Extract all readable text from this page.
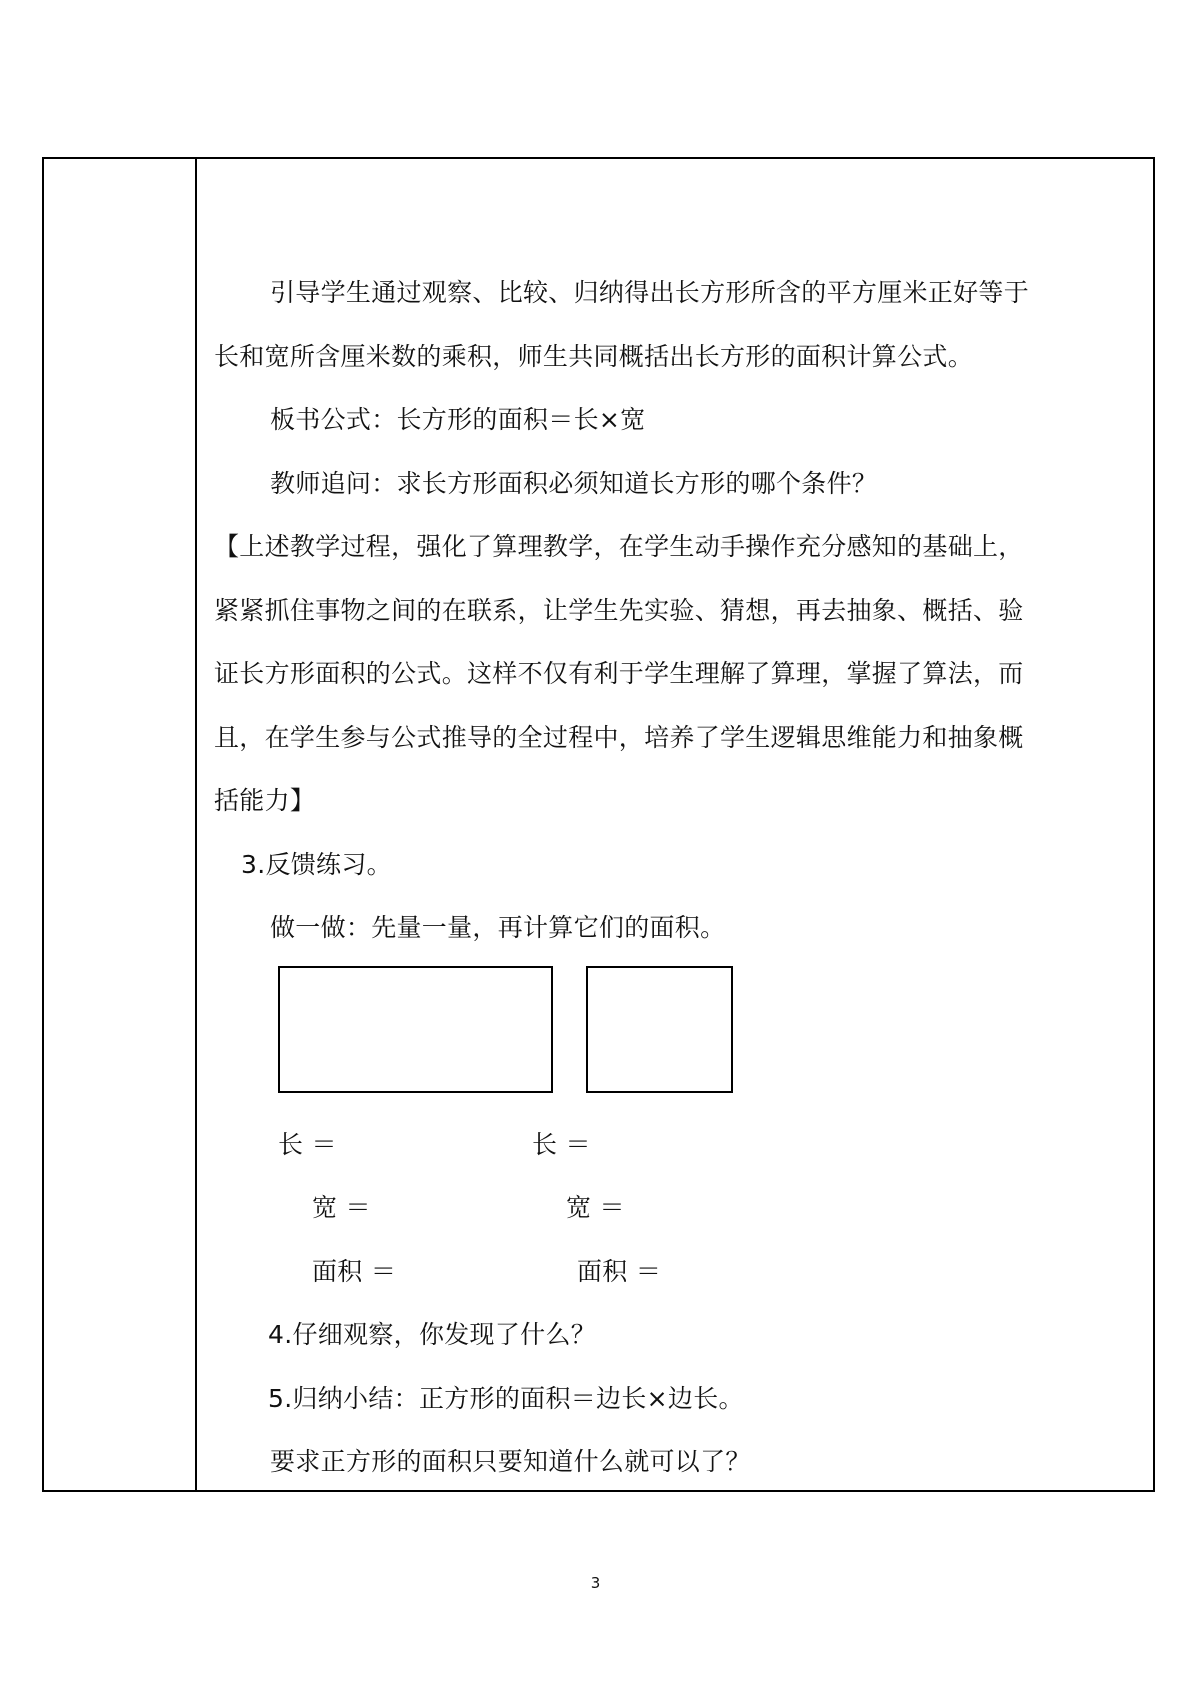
引导学生通过观察、比较、归纳得出长方形所含的平方厘米正好等于
长和宽所含厘米数的乘积，师生共同概括出长方形的面积计算公式。
板书公式：长方形的面积＝长×宽
教师追问：求长方形面积必须知道长方形的哪个条件？
【上述教学过程，强化了算理教学，在学生动手操作充分感知的基础上，
紧紧抓住事物之间的在联系，让学生先实验、猜想，再去抽象、概括、验
证长方形面积的公式。这样不仅有利于学生理解了算理，掌握了算法，而
且，在学生参与公式推导的全过程中，培养了学生逻辑思维能力和抽象概
括能力】
3.反馈练习。
做一做：先量一量，再计算它们的面积。
长 ＝	长 ＝
宽 ＝	宽 ＝
面积 ＝	面积 ＝
4.仔细观察，你发现了什么？
5.归纳小结：正方形的面积＝边长×边长。
要求正方形的面积只要知道什么就可以了？
3
